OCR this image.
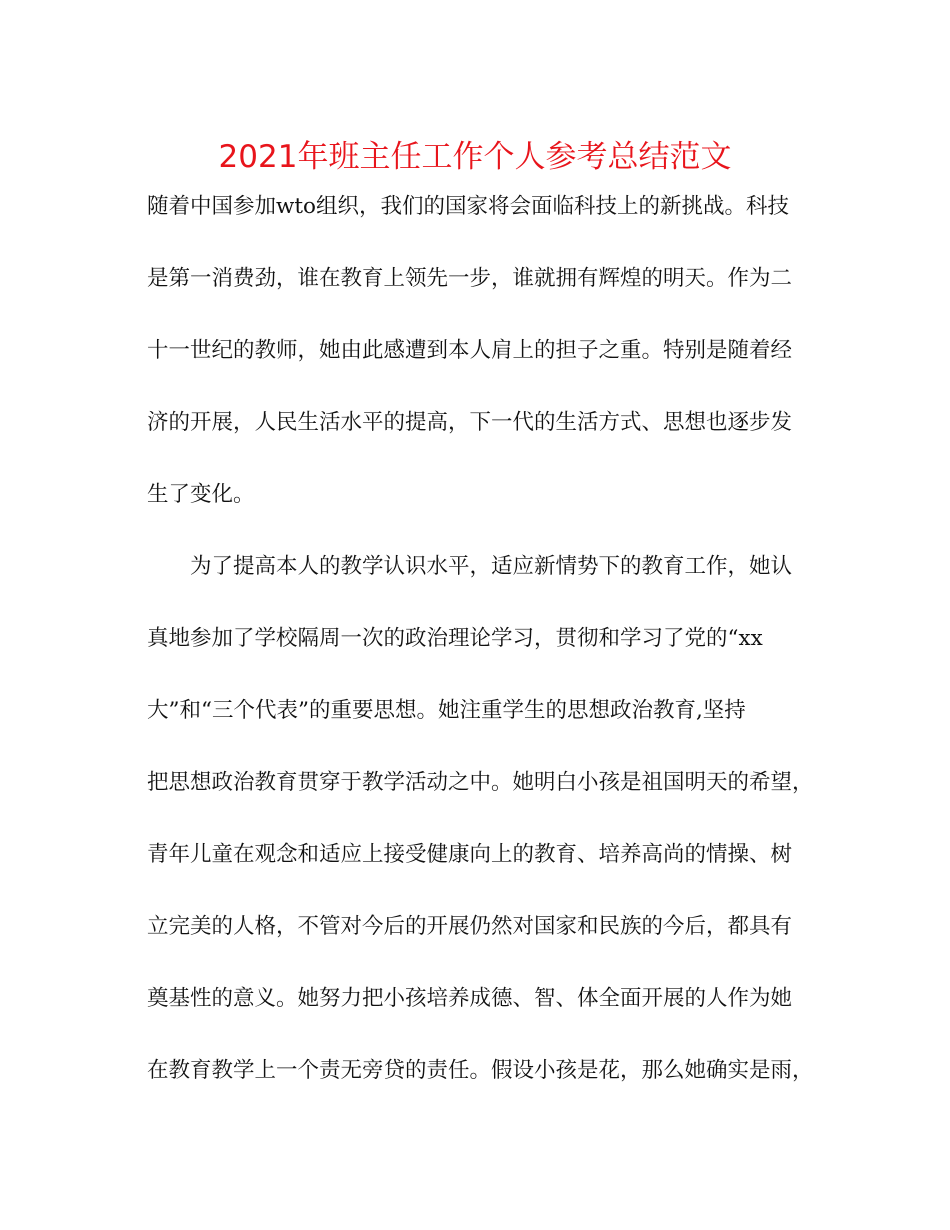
2021年班主任工作个人参考总结范文

随着中国参加wto组织，我们的国家将会面临科技上的新挑战。科技

是第一消费劲，谁在教育上领先一步，谁就拥有辉煌的明天。作为二

十一世纪的教师，她由此感遭到本人肩上的担子之重。特别是随着经

济的开展，人民生活水平的提高，下一代的生活方式、思想也逐步发

生了变化。

为了提高本人的教学认识水平，适应新情势下的教育工作，她认

真地参加了学校隔周一次的政治理论学习，贯彻和学习了党的“xx

大”和“三个代表”的重要思想。她注重学生的思想政治教育,坚持

把思想政治教育贯穿于教学活动之中。她明白小孩是祖国明天的希望，

青年儿童在观念和适应上接受健康向上的教育、培养高尚的情操、树

立完美的人格，不管对今后的开展仍然对国家和民族的今后，都具有

奠基性的意义。她努力把小孩培养成德、智、体全面开展的人作为她

在教育教学上一个责无旁贷的责任。假设小孩是花，那么她确实是雨，
